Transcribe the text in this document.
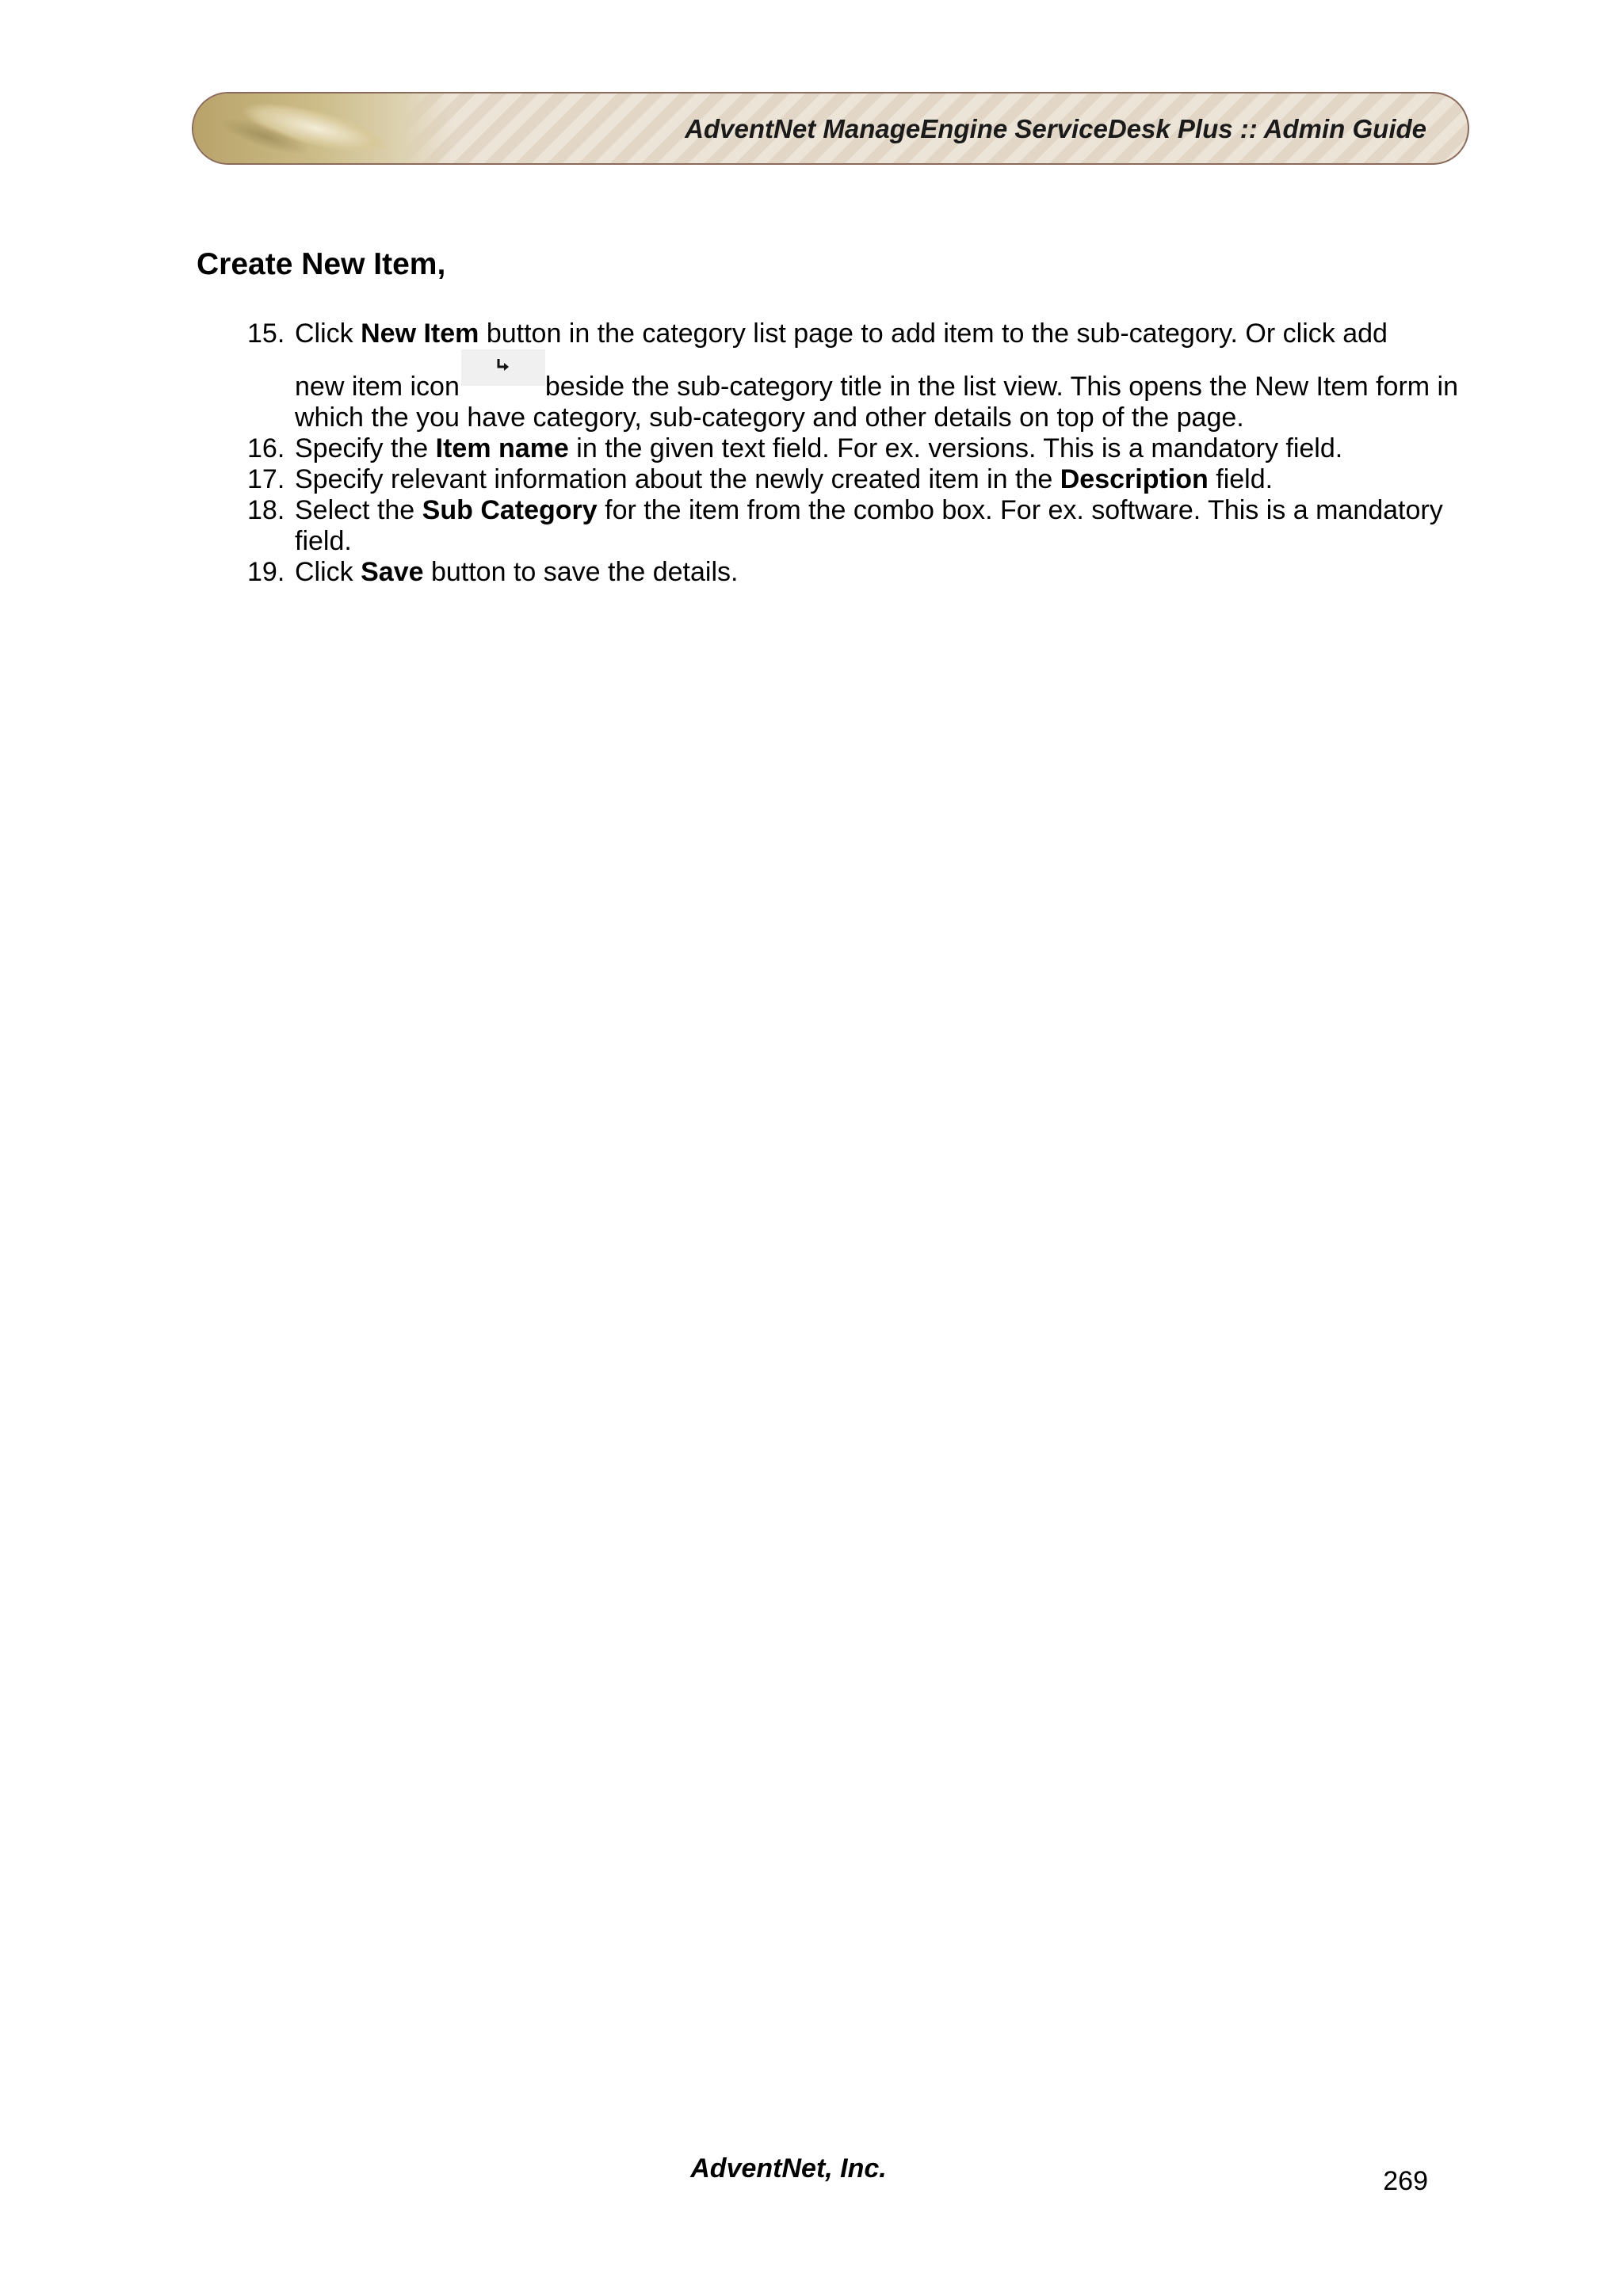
AdventNet ManageEngine ServiceDesk Plus :: Admin Guide
Create New Item,
15. Click New Item button in the category list page to add item to the sub-category. Or click add
new item icon	beside the sub-category title in the list view. This opens the New Item form in which the you have category, sub-category and other details on top of the page.
16. Specify the Item name in the given text field. For ex. versions. This is a mandatory field.
17. Specify relevant information about the newly created item in the Description field.
18. Select the Sub Category for the item from the combo box. For ex. software. This is a mandatory field.
19. Click Save button to save the details.
AdventNet, Inc.	269
